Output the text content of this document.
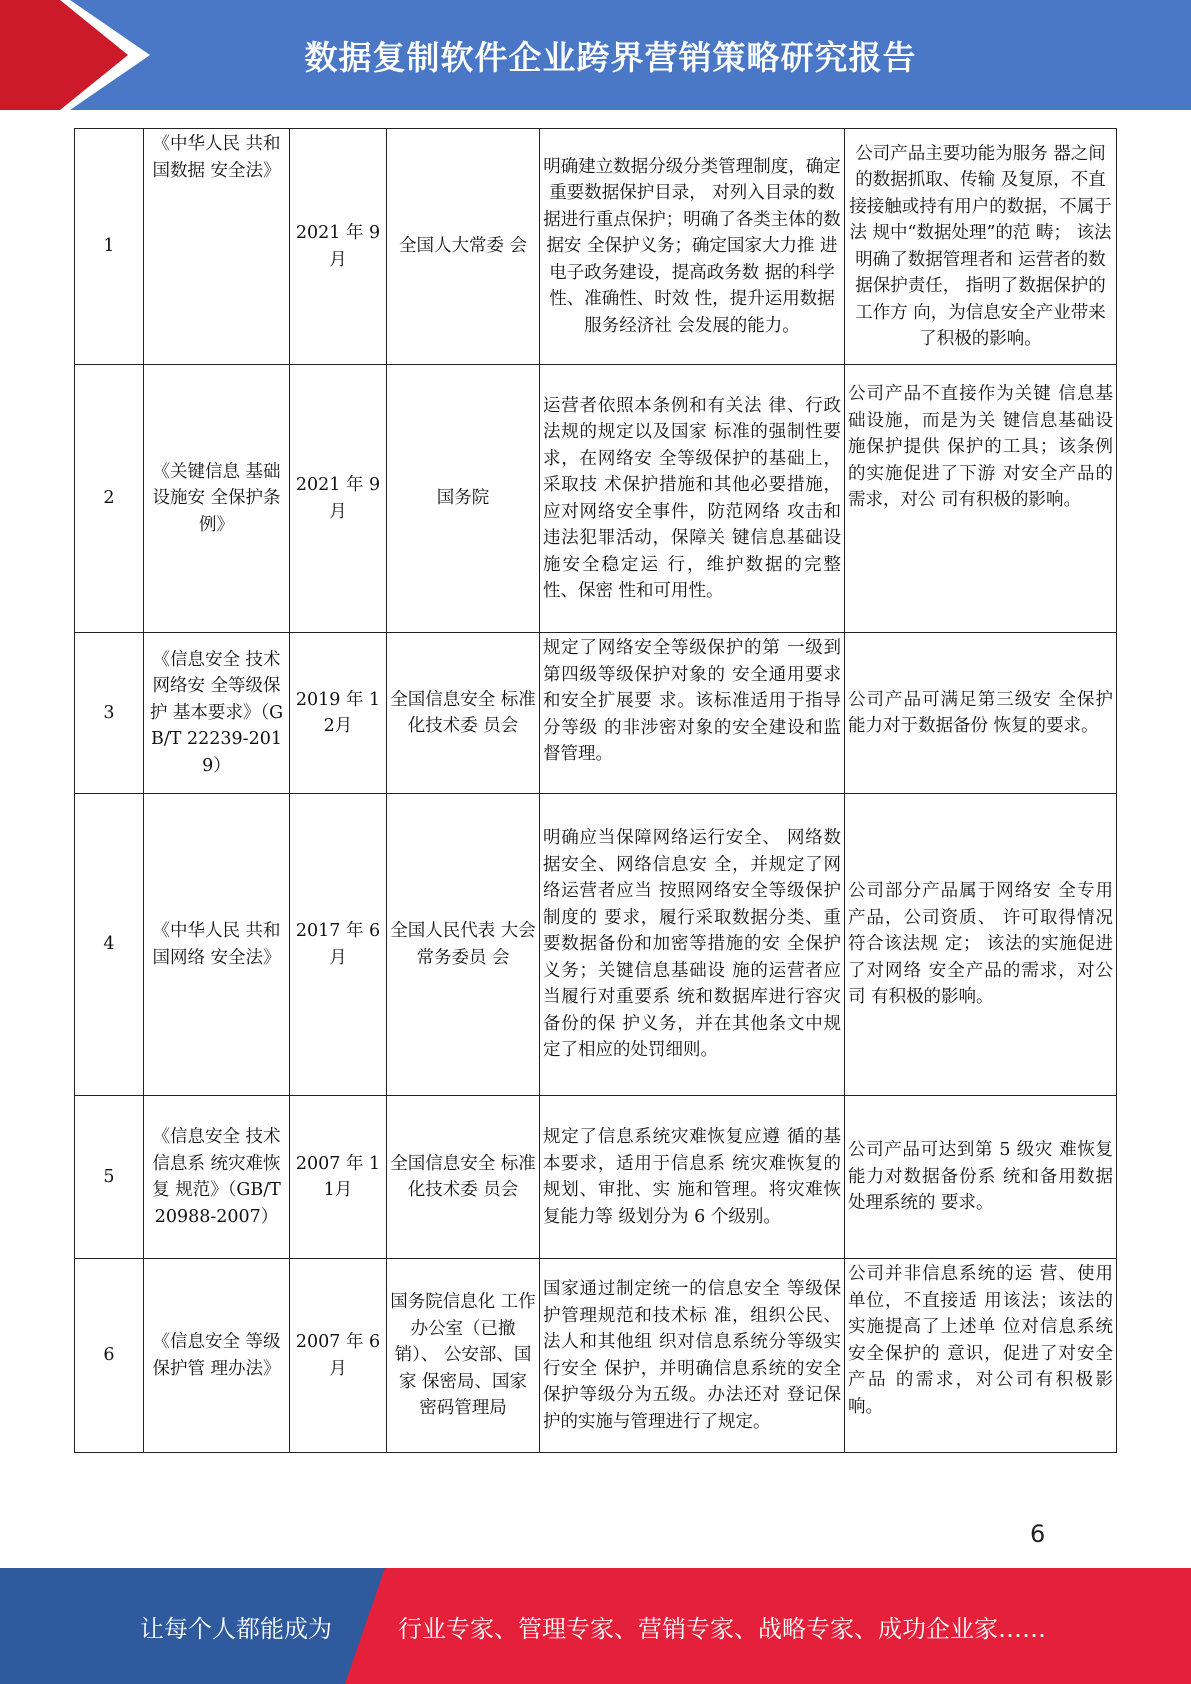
数据复制软件企业跨界营销策略研究报告
1	《中华人民 共和国数据 安全法》	2021 年 9月	全国人大常委 会	明确建立数据分级分类管理制度，确定重要数据保护目录， 对列入目录的数据进行重点保护；明确了各类主体的数据安 全保护义务；确定国家大力推 进电子政务建设，提高政务数 据的科学性、准确性、时效 性，提升运用数据服务经济社 会发展的能力。	公司产品主要功能为服务 器之间的数据抓取、传输 及复原，不直接接触或持有用户的数据，不属于法 规中“数据处理”的范 畴； 该法明确了数据管理者和 运营者的数据保护责任， 指明了数据保护的工作方 向，为信息安全产业带来 了积极的影响。
2	《关键信息 基础设施安 全保护条 例》	2021 年 9 月	国务院	运营者依照本条例和有关法 律、行政法规的规定以及国家 标准的强制性要求，在网络安 全等级保护的基础上，采取技 术保护措施和其他必要措施， 应对网络安全事件，防范网络 攻击和违法犯罪活动，保障关 键信息基础设施安全稳定运 行，维护数据的完整性、保密 性和可用性。	公司产品不直接作为关键 信息基础设施，而是为关 键信息基础设施保护提供 保护的工具；该条例的实施促进了下游 对安全产品的需求，对公 司有积极的影响。
3	《信息安全 技术网络安 全等级保护 基本要求》（GB/T 22239-2019）	2019 年 12月	全国信息安全 标准化技术委 员会	规定了网络安全等级保护的第 一级到第四级等级保护对象的 安全通用要求和安全扩展要 求。该标准适用于指导分等级 的非涉密对象的安全建设和监 督管理。	公司产品可满足第三级安 全保护能力对于数据备份 恢复的要求。
4	《中华人民 共和国网络 安全法》	2017 年 6月	全国人民代表 大会常务委员 会	明确应当保障网络运行安全、 网络数据安全、网络信息安 全，并规定了网络运营者应当 按照网络安全等级保护制度的 要求，履行采取数据分类、重 要数据备份和加密等措施的安 全保护义务；关键信息基础设 施的运营者应当履行对重要系 统和数据库进行容灾备份的保 护义务，并在其他条文中规定了相应的处罚细则。	公司部分产品属于网络安 全专用产品，公司资质、 许可取得情况符合该法规 定； 该法的实施促进了对网络 安全产品的需求，对公司 有积极的影响。
5	《信息安全 技术信息系 统灾难恢复 规范》（GB/T 20988-2007）	2007 年 11月	全国信息安全 标准化技术委 员会	规定了信息系统灾难恢复应遵 循的基本要求，适用于信息系 统灾难恢复的规划、审批、实 施和管理。将灾难恢复能力等 级划分为 6 个级别。	公司产品可达到第 5 级灾 难恢复能力对数据备份系 统和备用数据处理系统的 要求。
6	《信息安全 等级保护管 理办法》	2007 年 6月	国务院信息化 工作办公室（已撤销）、 公安部、国家 保密局、国家 密码管理局	国家通过制定统一的信息安全 等级保护管理规范和技术标 准，组织公民、法人和其他组 织对信息系统分等级实行安全 保护，并明确信息系统的安全 保护等级分为五级。办法还对 登记保护的实施与管理进行了规定。	公司并非信息系统的运 营、使用单位，不直接适 用该法；该法的实施提高了上述单 位对信息系统安全保护的 意识，促进了对安全产品 的需求，对公司有积极影响。
6
让每个人都能成为	行业专家、管理专家、营销专家、战略专家、成功企业家……
